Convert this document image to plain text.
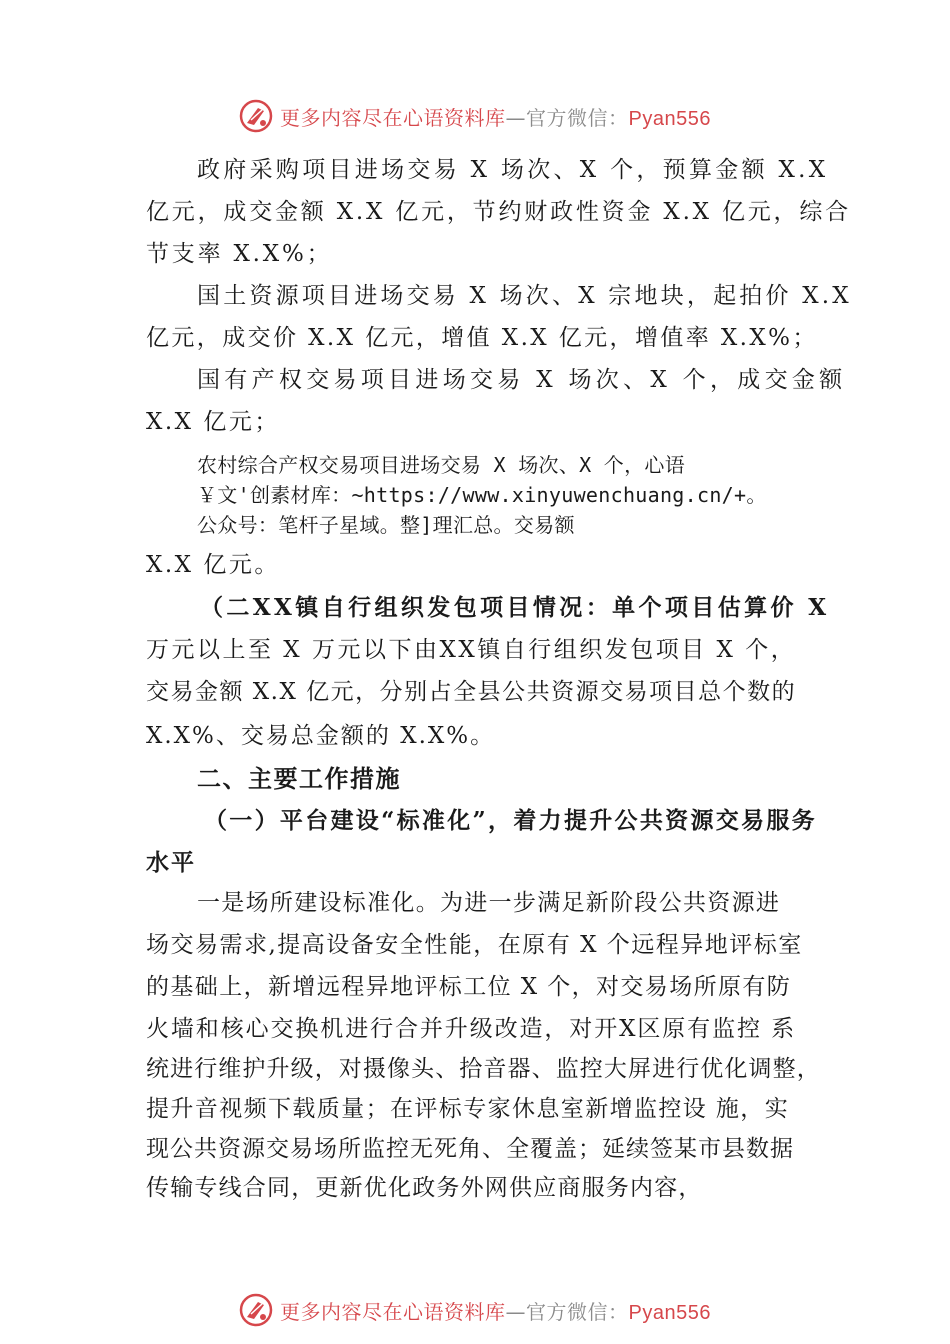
更多内容尽在心语资料库—官方微信：Pyan556
政府采购项目进场交易 X 场次、X 个，预算金额 X.X
亿元，成交金额 X.X 亿元，节约财政性资金 X.X 亿元，综合
节支率 X.X%；
国土资源项目进场交易 X 场次、X 宗地块，起拍价 X.X
亿元，成交价 X.X 亿元，增值 X.X 亿元，增值率 X.X%；
国有产权交易项目进场交易 X 场次、X 个，成交金额
X.X 亿元；
农村综合产权交易项目进场交易 X 场次、X 个，心语
￥文'创素材库：~https://www.xinyuwenchuang.cn/+。
公众号：笔杆子星域。整]理汇总。交易额
X.X 亿元。
（二XX镇自行组织发包项目情况：单个项目估算价 X
万元以上至 X 万元以下由XX镇自行组织发包项目 X 个，
交易金额 X.X 亿元，分别占全县公共资源交易项目总个数的
X.X%、交易总金额的 X.X%。
二、主要工作措施
（一）平台建设“标准化”，着力提升公共资源交易服务
水平
一是场所建设标准化。为进一步满足新阶段公共资源进
场交易需求,提高设备安全性能，在原有 X 个远程异地评标室
的基础上，新增远程异地评标工位 X 个，对交易场所原有防
火墙和核心交换机进行合并升级改造，对开X区原有监控 系
统进行维护升级，对摄像头、拾音器、监控大屏进行优化调整，
提升音视频下载质量；在评标专家休息室新增监控设 施，实
现公共资源交易场所监控无死角、全覆盖；延续签某市县数据
传输专线合同，更新优化政务外网供应商服务内容，
更多内容尽在心语资料库—官方微信：Pyan556
